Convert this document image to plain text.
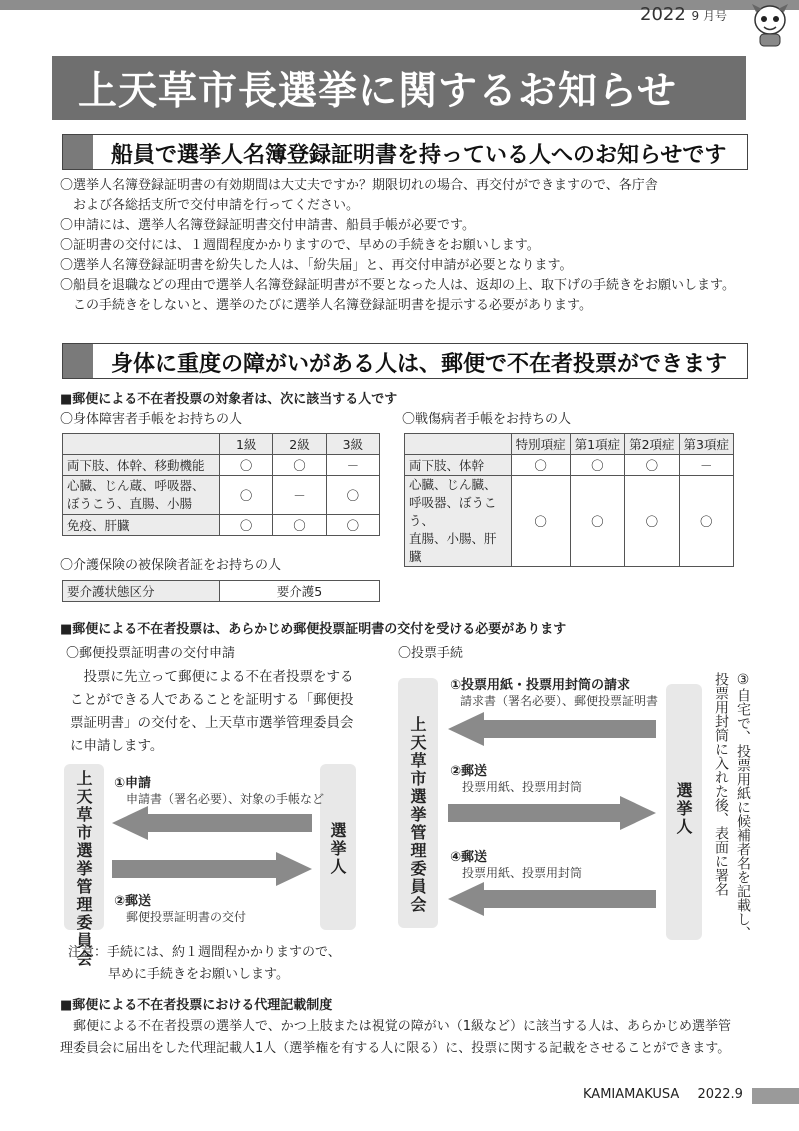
2022 9 月号
上天草市長選挙に関するお知らせ
船員で選挙人名簿登録証明書を持っている人へのお知らせです
〇選挙人名簿登録証明書の有効期間は大丈夫ですか？期限切れの場合、再交付ができますので、各庁舎
　および各総括支所で交付申請を行ってください。
〇申請には、選挙人名簿登録証明書交付申請書、船員手帳が必要です。
〇証明書の交付には、１週間程度かかりますので、早めの手続きをお願いします。
〇選挙人名簿登録証明書を紛失した人は、「紛失届」と、再交付申請が必要となります。
〇船員を退職などの理由で選挙人名簿登録証明書が不要となった人は、返却の上、取下げの手続きをお願いします。
　この手続きをしないと、選挙のたびに選挙人名簿登録証明書を提示する必要があります。
身体に重度の障がいがある人は、郵便で不在者投票ができます
■郵便による不在者投票の対象者は、次に該当する人です
〇身体障害者手帳をお持ちの人
	1級	2級	3級
両下肢、体幹、移動機能	〇	〇	－
心臓、じん蔵、呼吸器、
ぼうこう、直腸、小腸	〇	－	〇
免疫、肝臓	〇	〇	〇
〇戦傷病者手帳をお持ちの人
	特別項症	第1項症	第2項症	第3項症
両下肢、体幹	〇	〇	〇	－
心臓、じん臓、
呼吸器、ぼうこう、
直腸、小腸、肝臓	〇	〇	〇	〇
〇介護保険の被保険者証をお持ちの人
要介護状態区分	要介護5
■郵便による不在者投票は、あらかじめ郵便投票証明書の交付を受ける必要があります
〇郵便投票証明書の交付申請
　投票に先立って郵便による不在者投票をする
ことができる人であることを証明する「郵便投
票証明書」の交付を、上天草市選挙管理委員会
に申請します。
上天草市選挙管理委員会	選挙人
①申請
申請書（署名必要）、対象の手帳など
②郵送
郵便投票証明書の交付
注意：手続には、約１週間程かかりますので、
早めに手続きをお願いします。
〇投票手続
上天草市選挙管理委員会	選挙人
①投票用紙・投票用封筒の請求
請求書（署名必要）、郵便投票証明書
②郵送
投票用紙、投票用封筒
④郵送
投票用紙、投票用封筒	③自宅で、投票用紙に候補者名を記載し、
投票用封筒に入れた後、表面に署名
■郵便による不在者投票における代理記載制度
　郵便による不在者投票の選挙人で、かつ上肢または視覚の障がい（1級など）に該当する人は、あらかじめ選挙管
理委員会に届出をした代理記載人1人（選挙権を有する人に限る）に、投票に関する記載をさせることができます。
KAMIAMAKUSA 2022.9
